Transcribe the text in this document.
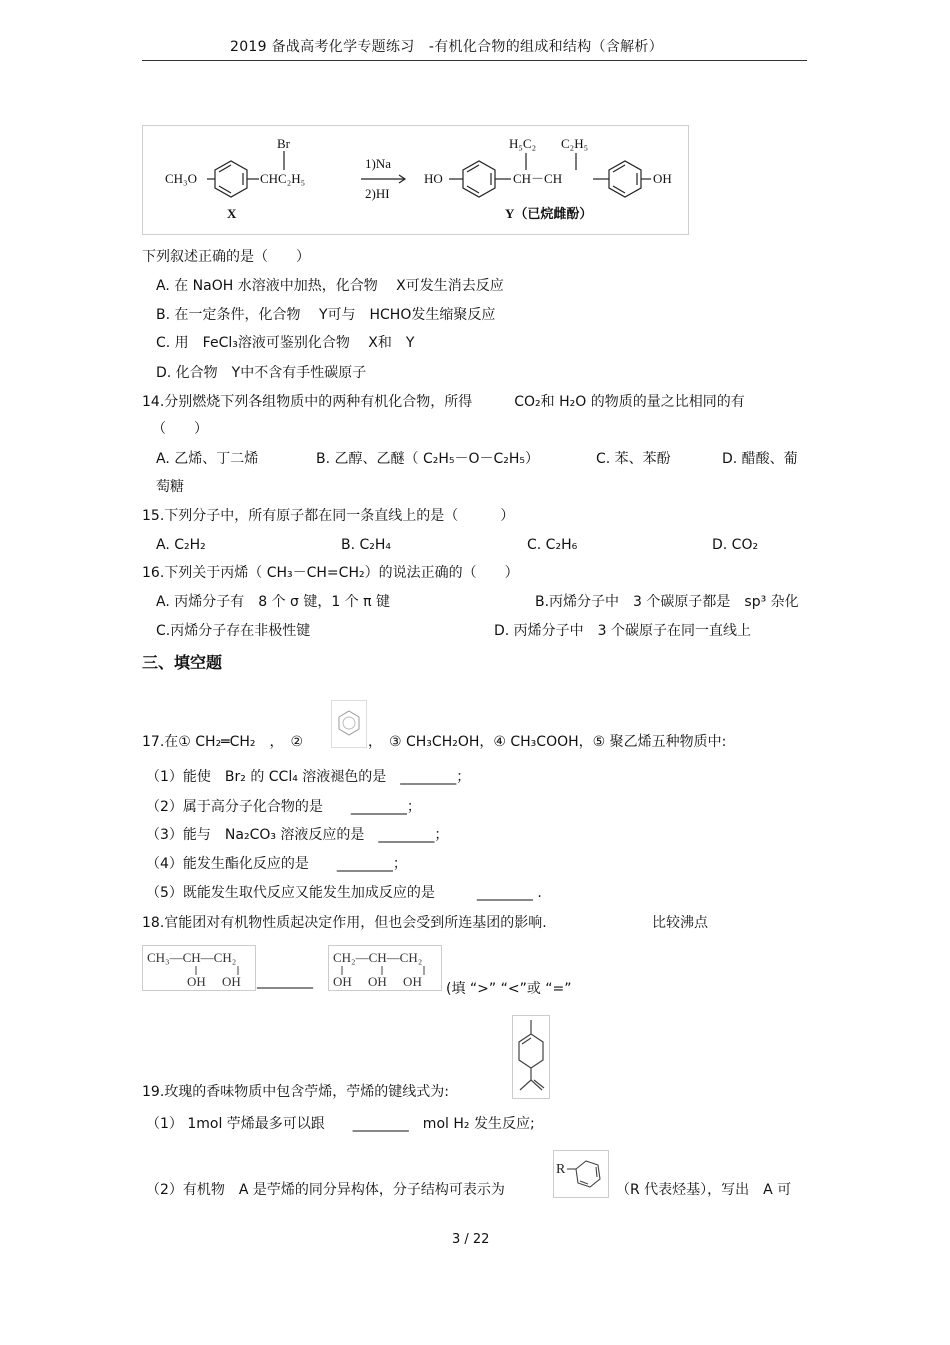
2019 备战高考化学专题练习　-有机化合物的组成和结构（含解析）
CH₃O
Br
CHC₂H₅
1)Na
2)HI
X
HO
H₅C₂ C₂H₅
CH－CH	OH
Y（已烷雌酚）
下列叙述正确的是（　　）
A. 在 NaOH 水溶液中加热，化合物　 X可发生消去反应
B. 在一定条件，化合物　 Y可与　HCHO发生缩聚反应
C. 用　FeCl₃溶液可鉴别化合物　 X和　Y
D. 化合物　Y中不含有手性碳原子
14.分别燃烧下列各组物质中的两种有机化合物，所得　　　CO₂和 H₂O 的物质的量之比相同的有
（　　）
A. 乙烯、丁二烯	B. 乙醇、乙醚（ C₂H₅－O－C₂H₅）	C. 苯、苯酚	D. 醋酸、葡
萄糖
15.下列分子中，所有原子都在同一条直线上的是（　　　）
A. C₂H₂	B. C₂H₄	C. C₂H₆	D. CO₂
16.下列关于丙烯（ CH₃－CH=CH₂）的说法正确的（　　）
A. 丙烯分子有　8 个 σ 键，1 个 π 键	B.丙烯分子中　3 个碳原子都是　sp³ 杂化
C.丙烯分子存在非极性键	D. 丙烯分子中　3 个碳原子在同一直线上
三、填空题
17.在① CH₂═CH₂　，　②	，　③ CH₃CH₂OH，④ CH₃COOH，⑤ 聚乙烯五种物质中:
（1）能使　Br₂ 的 CCl₄ 溶液褪色的是　________；
（2）属于高分子化合物的是　　________；
（3）能与　Na₂CO₃ 溶液反应的是　________；
（4）能发生酯化反应的是　　________；
（5）既能发生取代反应又能发生加成反应的是　　　________ .
18.官能团对有机物性质起决定作用，但也会受到所连基团的影响.	比较沸点
CH₃—CH—CH₂
OH　 OH ________
CH₂—CH—CH₂
OH　 OH　 OH (填 “>” “<”或 “=”
19.玫瑰的香味物质中包含苧烯，苧烯的键线式为:
（1） 1mol 苧烯最多可以跟　　________　mol H₂ 发生反应;
（2）有机物　A 是苧烯的同分异构体，分子结构可表示为
R
（R 代表烃基），写出　A 可
3 / 22
